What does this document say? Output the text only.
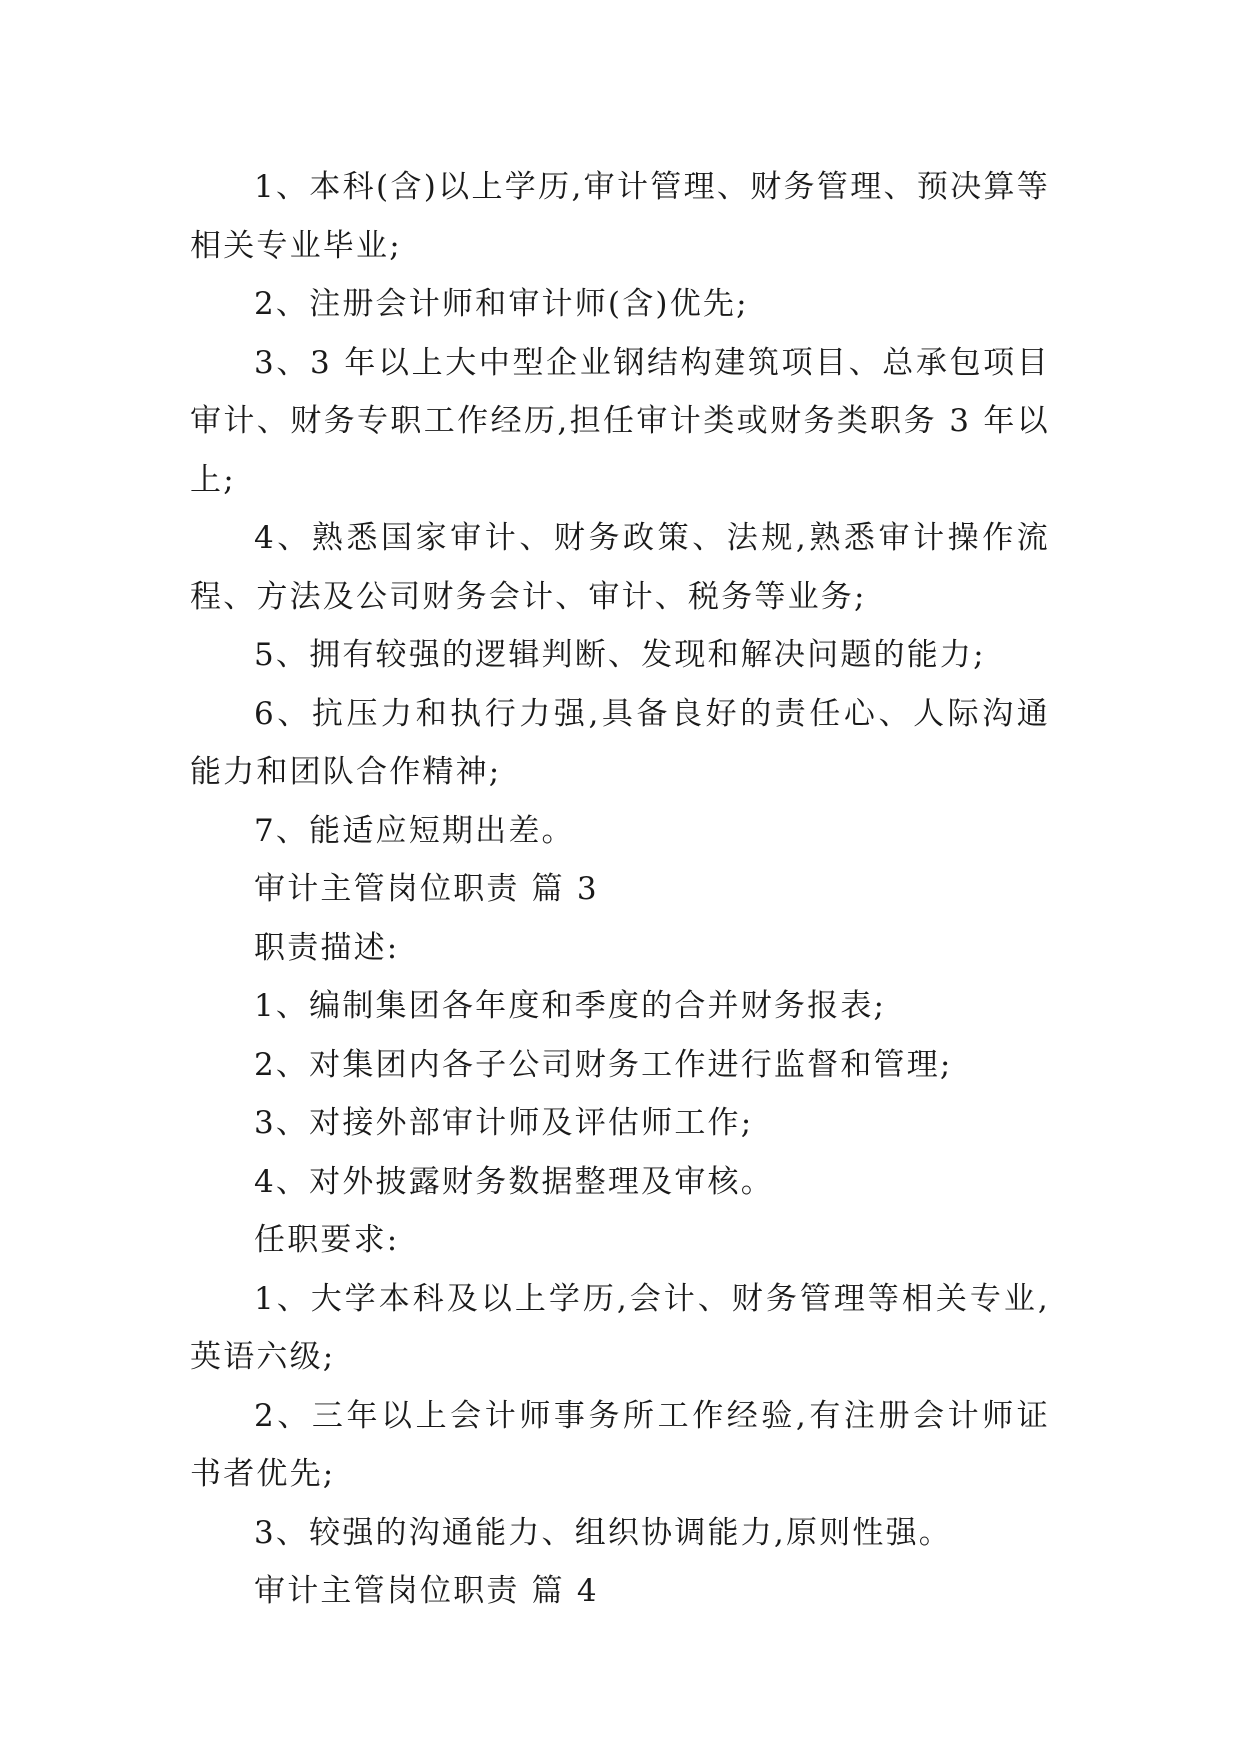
1、本科(含)以上学历,审计管理、财务管理、预决算等相关专业毕业;

2、注册会计师和审计师(含)优先;

3、3 年以上大中型企业钢结构建筑项目、总承包项目审计、财务专职工作经历,担任审计类或财务类职务 3 年以上;

4、熟悉国家审计、财务政策、法规,熟悉审计操作流程、方法及公司财务会计、审计、税务等业务;

5、拥有较强的逻辑判断、发现和解决问题的能力;

6、抗压力和执行力强,具备良好的责任心、人际沟通能力和团队合作精神;

7、能适应短期出差。

审计主管岗位职责 篇 3

职责描述:

1、编制集团各年度和季度的合并财务报表;

2、对集团内各子公司财务工作进行监督和管理;

3、对接外部审计师及评估师工作;

4、对外披露财务数据整理及审核。

任职要求:

1、大学本科及以上学历,会计、财务管理等相关专业,英语六级;

2、三年以上会计师事务所工作经验,有注册会计师证书者优先;

3、较强的沟通能力、组织协调能力,原则性强。

审计主管岗位职责 篇 4
